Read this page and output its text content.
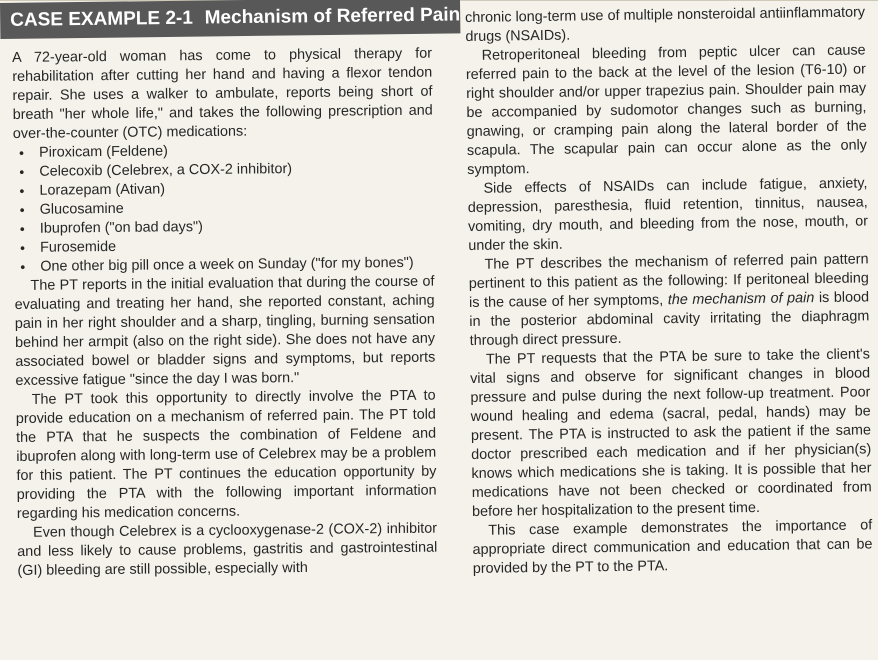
CASE EXAMPLE 2-1 Mechanism of Referred Pain

A 72-year-old woman has come to physical therapy for rehabilitation after cutting her hand and having a flexor tendon repair. She uses a walker to ambulate, reports being short of breath "her whole life," and takes the following prescription and over-the-counter (OTC) medications:

• Piroxicam (Feldene)
• Celecoxib (Celebrex, a COX-2 inhibitor)
• Lorazepam (Ativan)
• Glucosamine
• Ibuprofen ("on bad days")
• Furosemide
• One other big pill once a week on Sunday ("for my bones")

The PT reports in the initial evaluation that during the course of evaluating and treating her hand, she reported constant, aching pain in her right shoulder and a sharp, tingling, burning sensation behind her armpit (also on the right side). She does not have any associated bowel or bladder signs and symptoms, but reports excessive fatigue "since the day I was born."

The PT took this opportunity to directly involve the PTA to provide education on a mechanism of referred pain. The PT told the PTA that he suspects the combination of Feldene and ibuprofen along with long-term use of Celebrex may be a problem for this patient. The PT continues the education opportunity by providing the PTA with the following important information regarding his medication concerns.

Even though Celebrex is a cyclooxygenase-2 (COX-2) inhibitor and less likely to cause problems, gastritis and gastrointestinal (GI) bleeding are still possible, especially with

chronic long-term use of multiple nonsteroidal antiinflammatory drugs (NSAIDs).

Retroperitoneal bleeding from peptic ulcer can cause referred pain to the back at the level of the lesion (T6-10) or right shoulder and/or upper trapezius pain. Shoulder pain may be accompanied by sudomotor changes such as burning, gnawing, or cramping pain along the lateral border of the scapula. The scapular pain can occur alone as the only symptom.

Side effects of NSAIDs can include fatigue, anxiety, depression, paresthesia, fluid retention, tinnitus, nausea, vomiting, dry mouth, and bleeding from the nose, mouth, or under the skin.

The PT describes the mechanism of referred pain pattern pertinent to this patient as the following: If peritoneal bleeding is the cause of her symptoms, the mechanism of pain is blood in the posterior abdominal cavity irritating the diaphragm through direct pressure.

The PT requests that the PTA be sure to take the client's vital signs and observe for significant changes in blood pressure and pulse during the next follow-up treatment. Poor wound healing and edema (sacral, pedal, hands) may be present. The PTA is instructed to ask the patient if the same doctor prescribed each medication and if her physician(s) knows which medications she is taking. It is possible that her medications have not been checked or coordinated from before her hospitalization to the present time.

This case example demonstrates the importance of appropriate direct communication and education that can be provided by the PT to the PTA.
